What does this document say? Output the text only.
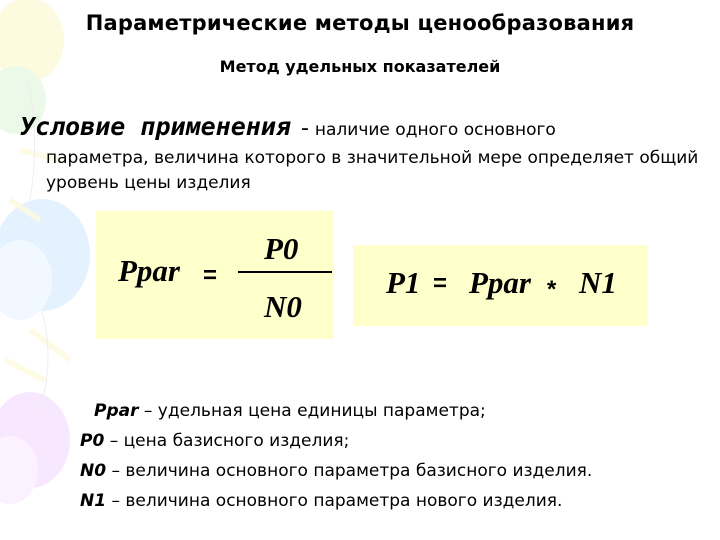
Параметрические методы ценообразования
Метод удельных показателей
Условие применения - наличие одного основного
параметра, величина которого в значительной мере определяет общий уровень цены изделия
Ppar =
P0
N0
P1 = Ppar * N1
Ppar – удельная цена единицы параметра;
P0 – цена базисного изделия;
N0 – величина основного параметра базисного изделия.
N1 – величина основного параметра нового изделия.
